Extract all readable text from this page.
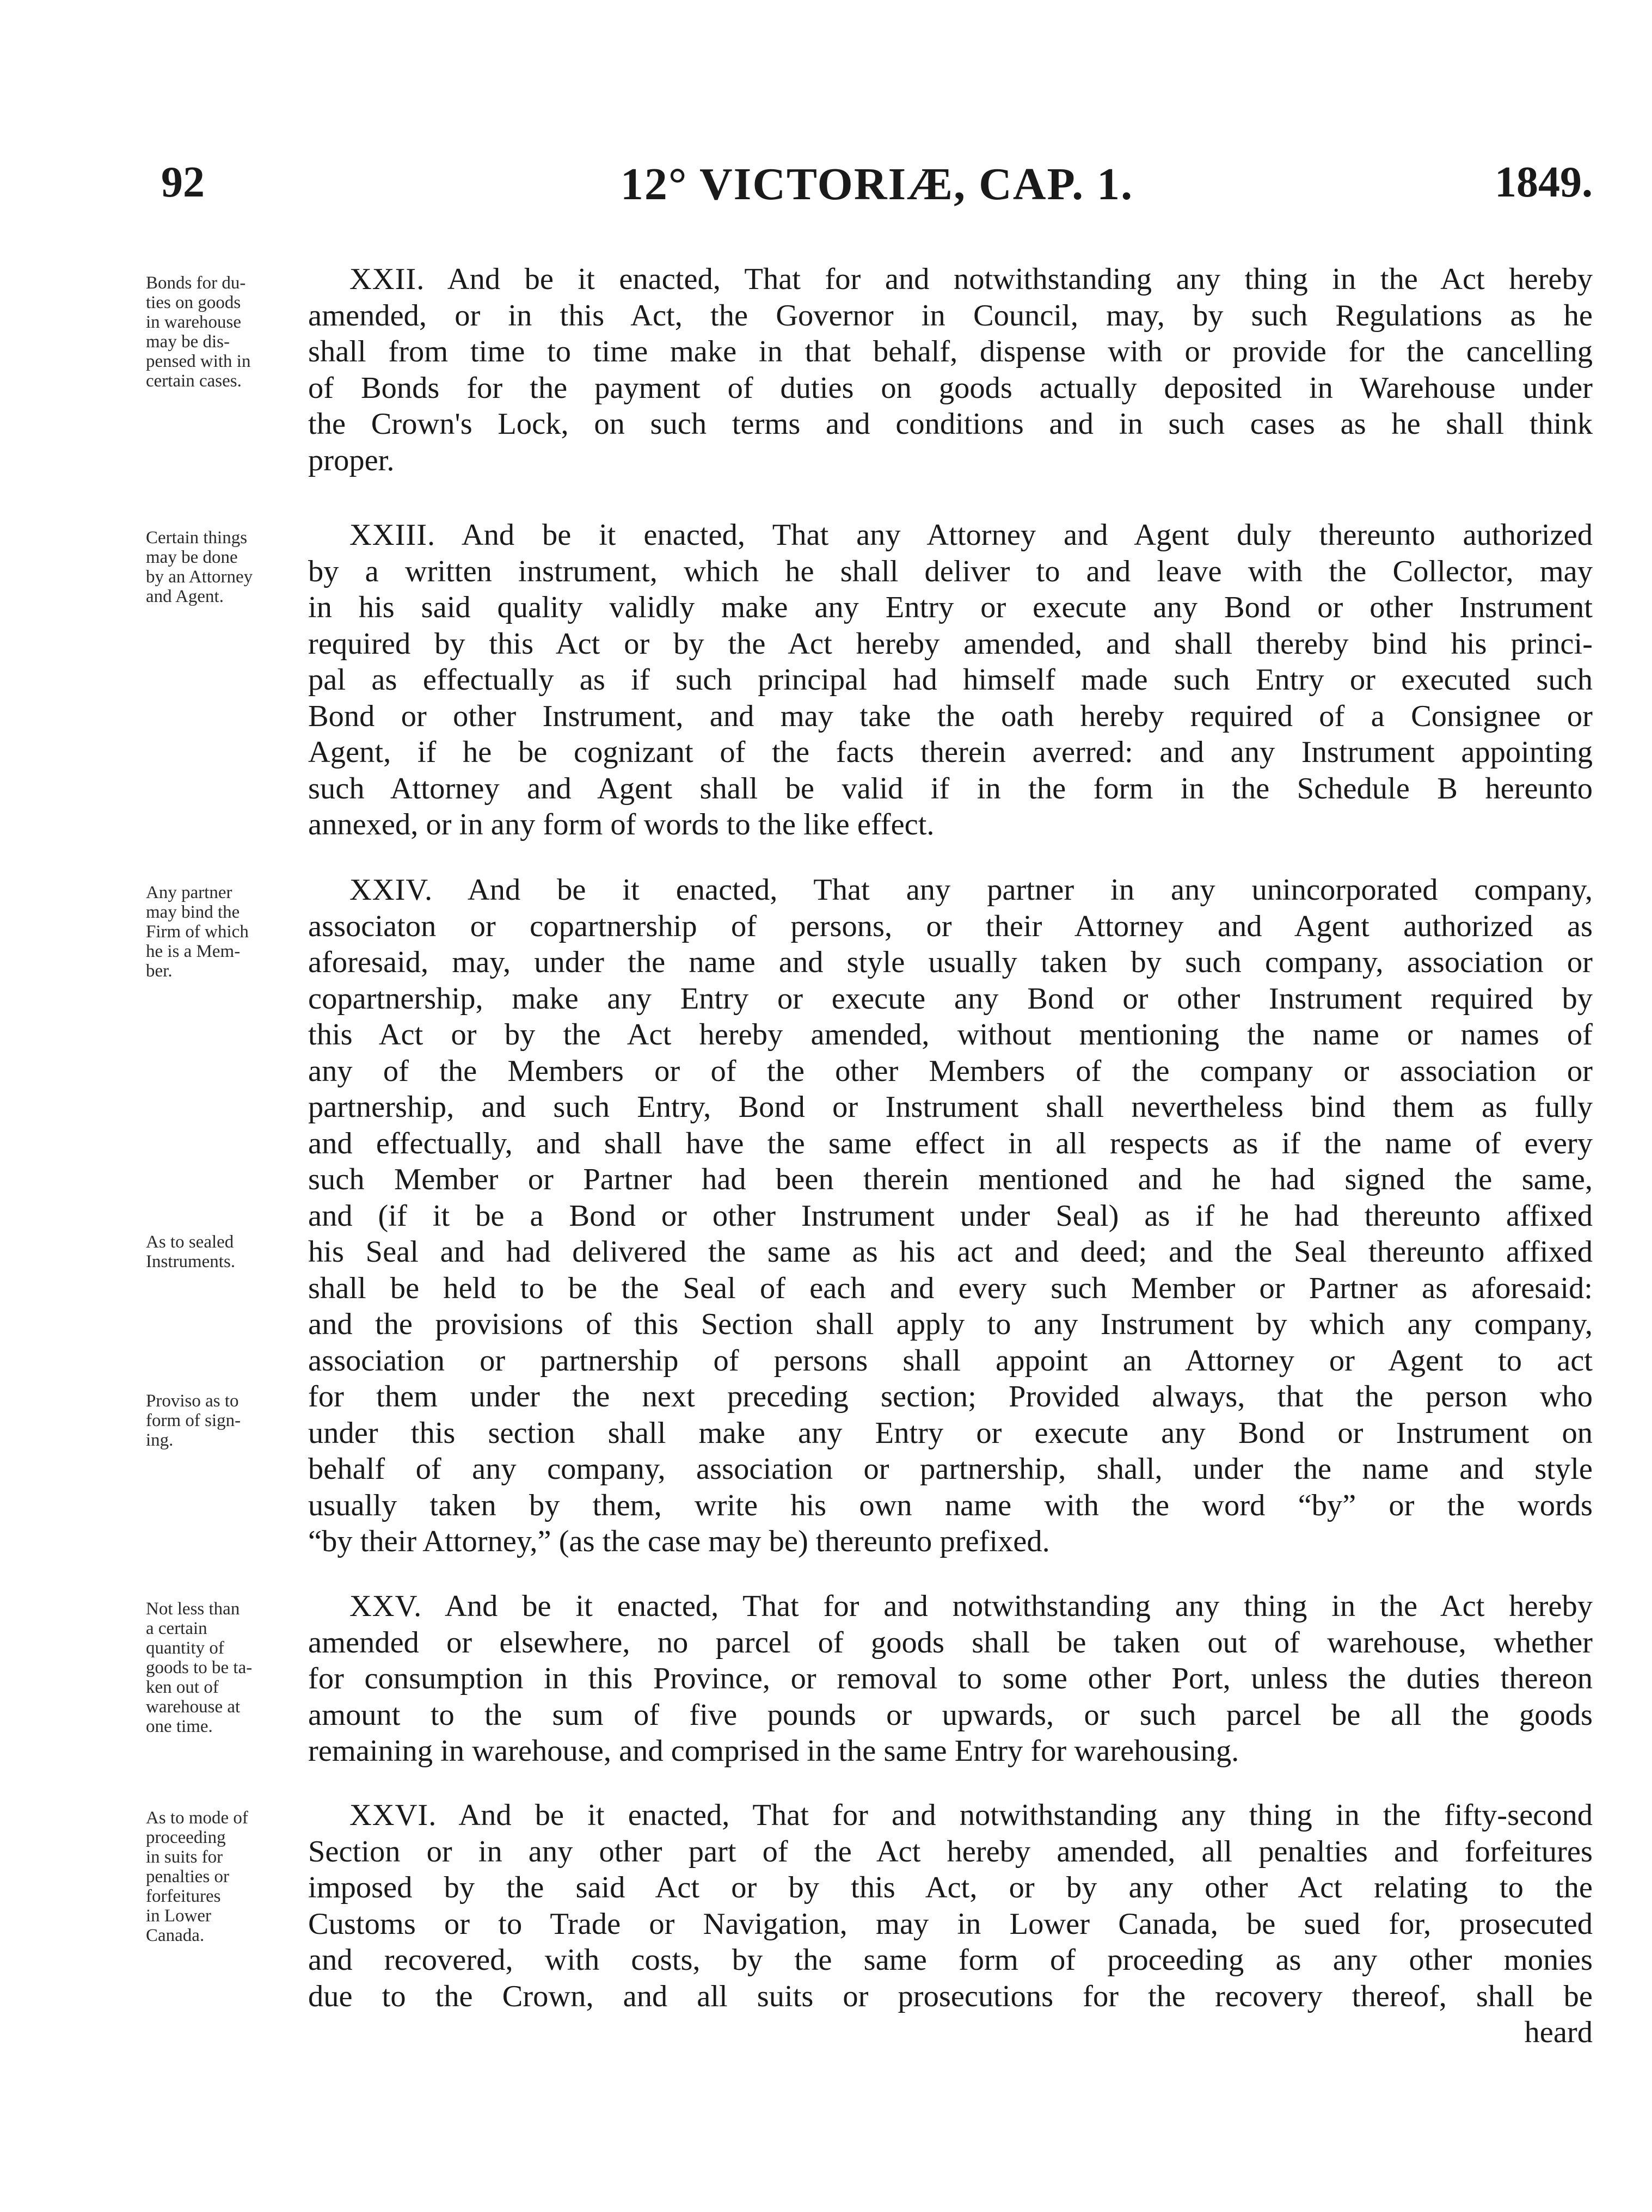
92	12° VICTORIÆ, CAP. 1.	1849.
Bonds for du-
ties on goods
in warehouse
may be dis-
pensed with in
certain cases.
XXII. And be it enacted, That for and notwithstanding any thing in the Act hereby
amended, or in this Act, the Governor in Council, may, by such Regulations as he
shall from time to time make in that behalf, dispense with or provide for the cancelling
of Bonds for the payment of duties on goods actually deposited in Warehouse under
the Crown's Lock, on such terms and conditions and in such cases as he shall think
proper.
Certain things
may be done
by an Attorney
and Agent.
XXIII. And be it enacted, That any Attorney and Agent duly thereunto authorized
by a written instrument, which he shall deliver to and leave with the Collector, may
in his said quality validly make any Entry or execute any Bond or other Instrument
required by this Act or by the Act hereby amended, and shall thereby bind his princi-
pal as effectually as if such principal had himself made such Entry or executed such
Bond or other Instrument, and may take the oath hereby required of a Consignee or
Agent, if he be cognizant of the facts therein averred: and any Instrument appointing
such Attorney and Agent shall be valid if in the form in the Schedule B hereunto
annexed, or in any form of words to the like effect.
Any partner
may bind the
Firm of which
he is a Mem-
ber.
As to sealed
Instruments.
Proviso as to
form of sign-
ing.
XXIV. And be it enacted, That any partner in any unincorporated company,
associaton or copartnership of persons, or their Attorney and Agent authorized as
aforesaid, may, under the name and style usually taken by such company, association or
copartnership, make any Entry or execute any Bond or other Instrument required by
this Act or by the Act hereby amended, without mentioning the name or names of
any of the Members or of the other Members of the company or association or
partnership, and such Entry, Bond or Instrument shall nevertheless bind them as fully
and effectually, and shall have the same effect in all respects as if the name of every
such Member or Partner had been therein mentioned and he had signed the same,
and (if it be a Bond or other Instrument under Seal) as if he had thereunto affixed
his Seal and had delivered the same as his act and deed; and the Seal thereunto affixed
shall be held to be the Seal of each and every such Member or Partner as aforesaid:
and the provisions of this Section shall apply to any Instrument by which any company,
association or partnership of persons shall appoint an Attorney or Agent to act
for them under the next preceding section; Provided always, that the person who
under this section shall make any Entry or execute any Bond or Instrument on
behalf of any company, association or partnership, shall, under the name and style
usually taken by them, write his own name with the word “by” or the words
“by their Attorney,” (as the case may be) thereunto prefixed.
Not less than
a certain
quantity of
goods to be ta-
ken out of
warehouse at
one time.
XXV. And be it enacted, That for and notwithstanding any thing in the Act hereby
amended or elsewhere, no parcel of goods shall be taken out of warehouse, whether
for consumption in this Province, or removal to some other Port, unless the duties thereon
amount to the sum of five pounds or upwards, or such parcel be all the goods
remaining in warehouse, and comprised in the same Entry for warehousing.
As to mode of
proceeding
in suits for
penalties or
forfeitures
in Lower
Canada.
XXVI. And be it enacted, That for and notwithstanding any thing in the fifty-second
Section or in any other part of the Act hereby amended, all penalties and forfeitures
imposed by the said Act or by this Act, or by any other Act relating to the
Customs or to Trade or Navigation, may in Lower Canada, be sued for, prosecuted
and recovered, with costs, by the same form of proceeding as any other monies
due to the Crown, and all suits or prosecutions for the recovery thereof, shall be
heard
